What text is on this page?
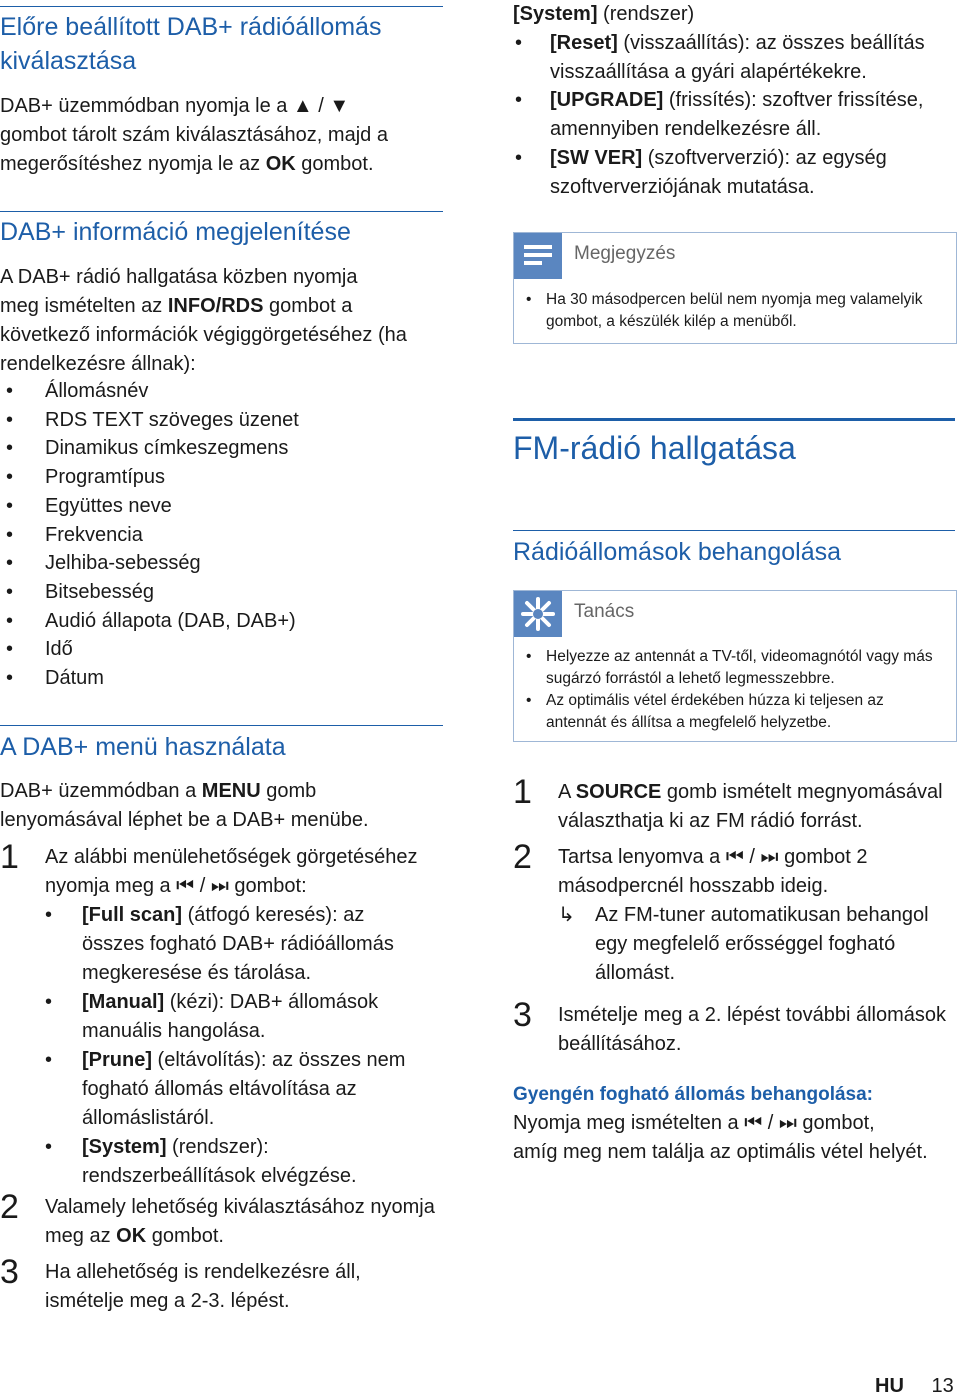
Előre beállított DAB+ rádióállomás
kiválasztása
DAB+ üzemmódban nyomja le a ▲ / ▼
gombot tárolt szám kiválasztásához, majd a
megerősítéshez nyomja le az OK gombot.
DAB+ információ megjelenítése
A DAB+ rádió hallgatása közben nyomja
meg ismételten az INFO/RDS gombot a
következő információk végiggörgetéséhez (ha
rendelkezésre állnak):
• Állomásnév
• RDS TEXT szöveges üzenet
• Dinamikus címkeszegmens
• Programtípus
• Együttes neve
• Frekvencia
• Jelhiba-sebesség
• Bitsebesség
• Audió állapota (DAB, DAB+)
• Idő
• Dátum
A DAB+ menü használata
DAB+ üzemmódban a MENU gomb
lenyomásával léphet be a DAB+ menübe.
1 Az alábbi menülehetőségek görgetéséhez
nyomja meg a ⏮ / ⏭ gombot:
• [Full scan] (átfogó keresés): az
összes fogható DAB+ rádióállomás
megkeresése és tárolása.
• [Manual] (kézi): DAB+ állomások
manuális hangolása.
• [Prune] (eltávolítás): az összes nem
fogható állomás eltávolítása az
állomáslistáról.
• [System] (rendszer):
rendszerbeállítások elvégzése.
2 Valamely lehetőség kiválasztásához nyomja
meg az OK gombot.
3 Ha allehetőség is rendelkezésre áll,
ismételje meg a 2-3. lépést.
[System] (rendszer)
• [Reset] (visszaállítás): az összes beállítás
visszaállítása a gyári alapértékekre.
• [UPGRADE] (frissítés): szoftver frissítése,
amennyiben rendelkezésre áll.
• [SW VER] (szoftververzió): az egység
szoftververziójának mutatása.
Megjegyzés
• Ha 30 másodpercen belül nem nyomja meg valamelyik
gombot, a készülék kilép a menüből.
FM-rádió hallgatása
Rádióállomások behangolása
Tanács
• Helyezze az antennát a TV-től, videomagnótól vagy más
sugárzó forrástól a lehető legmesszebbre.
• Az optimális vétel érdekében húzza ki teljesen az
antennát és állítsa a megfelelő helyzetbe.
1 A SOURCE gomb ismételt megnyomásával
választhatja ki az FM rádió forrást.
2 Tartsa lenyomva a ⏮ / ⏭ gombot 2
másodpercnél hosszabb ideig.
↳ Az FM-tuner automatikusan behangol
egy megfelelő erősséggel fogható
állomást.
3 Ismételje meg a 2. lépést további állomások
beállításához.
Gyengén fogható állomás behangolása:
Nyomja meg ismételten a ⏮ / ⏭ gombot,
amíg meg nem találja az optimális vétel helyét.
HU 13
